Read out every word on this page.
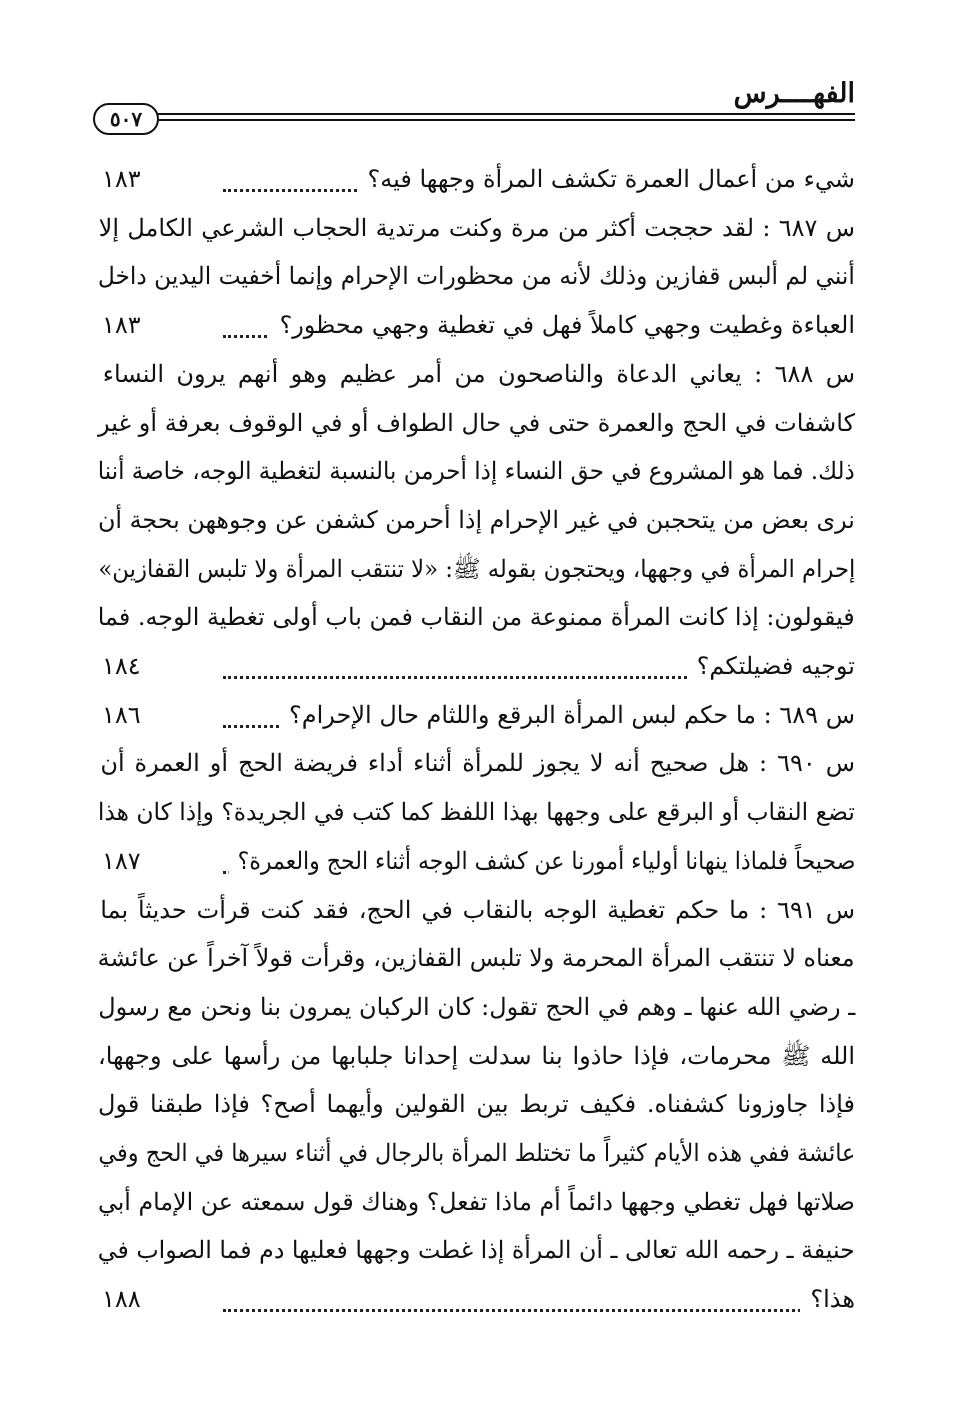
الفهــــرس
٥٠٧
١٨٣	شيء من أعمال العمرة تكشف المرأة وجهها فيه؟
س ٦٨٧ : لقد حججت أكثر من مرة وكنت مرتدية الحجاب الشرعي الكامل إلا
أنني لم ألبس قفازين وذلك لأنه من محظورات الإحرام وإنما أخفيت اليدين داخل
١٨٣	العباءة وغطيت وجهي كاملاً فهل في تغطية وجهي محظور؟
س ٦٨٨ : يعاني الدعاة والناصحون من أمر عظيم وهو أنهم يرون النساء
كاشفات في الحج والعمرة حتى في حال الطواف أو في الوقوف بعرفة أو غير
ذلك. فما هو المشروع في حق النساء إذا أحرمن بالنسبة لتغطية الوجه، خاصة أننا
نرى بعض من يتحجبن في غير الإحرام إذا أحرمن كشفن عن وجوههن بحجة أن
إحرام المرأة في وجهها، ويحتجون بقوله ﷺ: «لا تنتقب المرأة ولا تلبس القفازين»
فيقولون: إذا كانت المرأة ممنوعة من النقاب فمن باب أولى تغطية الوجه. فما
١٨٤	توجيه فضيلتكم؟
١٨٦	س ٦٨٩ : ما حكم لبس المرأة البرقع واللثام حال الإحرام؟
س ٦٩٠ : هل صحيح أنه لا يجوز للمرأة أثناء أداء فريضة الحج أو العمرة أن
تضع النقاب أو البرقع على وجهها بهذا اللفظ كما كتب في الجريدة؟ وإذا كان هذا
١٨٧	صحيحاً فلماذا ينهانا أولياء أمورنا عن كشف الوجه أثناء الحج والعمرة؟
س ٦٩١ : ما حكم تغطية الوجه بالنقاب في الحج، فقد كنت قرأت حديثاً بما
معناه لا تنتقب المرأة المحرمة ولا تلبس القفازين، وقرأت قولاً آخراً عن عائشة
ـ رضي الله عنها ـ وهم في الحج تقول: كان الركبان يمرون بنا ونحن مع رسول
الله ﷺ محرمات، فإذا حاذوا بنا سدلت إحدانا جلبابها من رأسها على وجهها،
فإذا جاوزونا كشفناه. فكيف تربط بين القولين وأيهما أصح؟ فإذا طبقنا قول
عائشة ففي هذه الأيام كثيراً ما تختلط المرأة بالرجال في أثناء سيرها في الحج وفي
صلاتها فهل تغطي وجهها دائماً أم ماذا تفعل؟ وهناك قول سمعته عن الإمام أبي
حنيفة ـ رحمه الله تعالى ـ أن المرأة إذا غطت وجهها فعليها دم فما الصواب في
١٨٨	هذا؟
